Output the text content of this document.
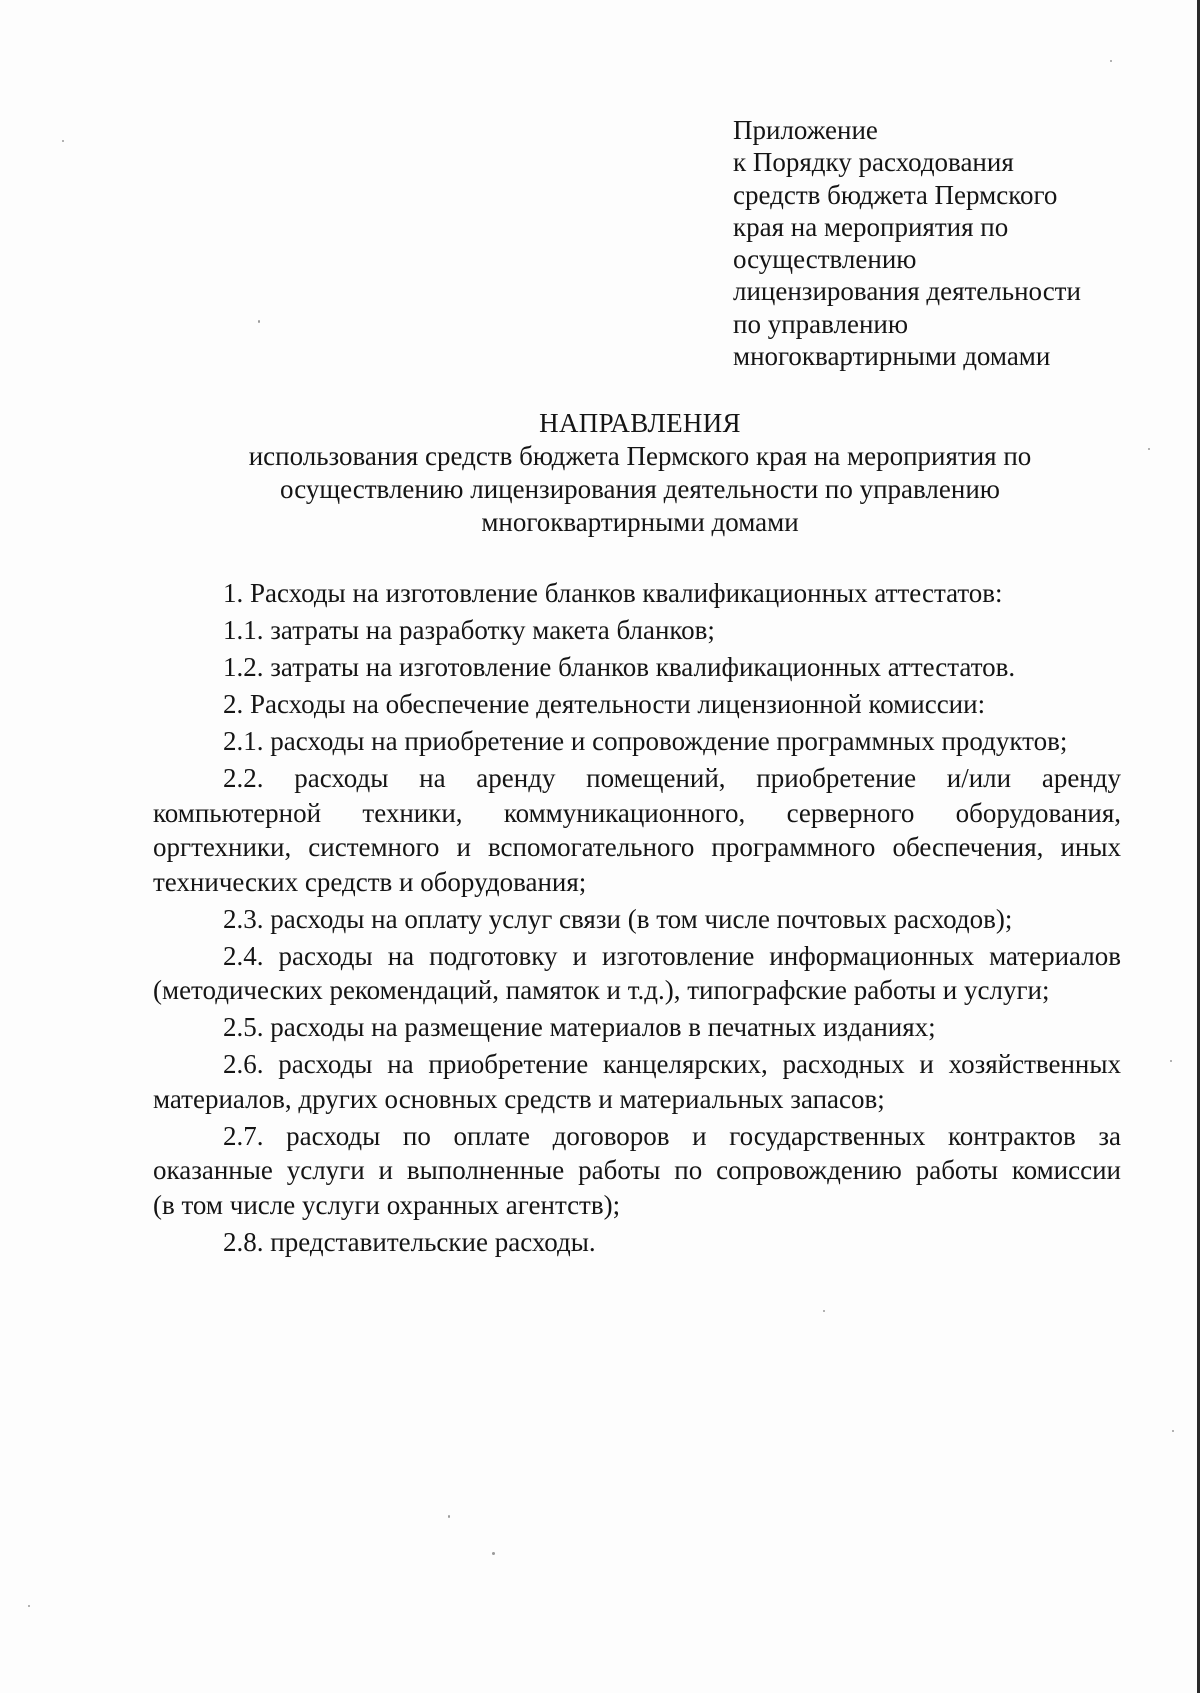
Приложение
к Порядку расходования
средств бюджета Пермского
края на мероприятия по
осуществлению
лицензирования деятельности
по управлению
многоквартирными домами
НАПРАВЛЕНИЯ
использования средств бюджета Пермского края на мероприятия по
осуществлению лицензирования деятельности по управлению
многоквартирными домами
1. Расходы на изготовление бланков квалификационных аттестатов:
1.1. затраты на разработку макета бланков;
1.2. затраты на изготовление бланков квалификационных аттестатов.
2. Расходы на обеспечение деятельности лицензионной комиссии:
2.1. расходы на приобретение и сопровождение программных продуктов;
2.2. расходы на аренду помещений, приобретение и/или аренду
компьютерной техники, коммуникационного, серверного оборудования,
оргтехники, системного и вспомогательного программного обеспечения, иных
технических средств и оборудования;
2.3. расходы на оплату услуг связи (в том числе почтовых расходов);
2.4. расходы на подготовку и изготовление информационных материалов
(методических рекомендаций, памяток и т.д.), типографские работы и услуги;
2.5. расходы на размещение материалов в печатных изданиях;
2.6. расходы на приобретение канцелярских, расходных и хозяйственных
материалов, других основных средств и материальных запасов;
2.7. расходы по оплате договоров и государственных контрактов за
оказанные услуги и выполненные работы по сопровождению работы комиссии
(в том числе услуги охранных агентств);
2.8. представительские расходы.
